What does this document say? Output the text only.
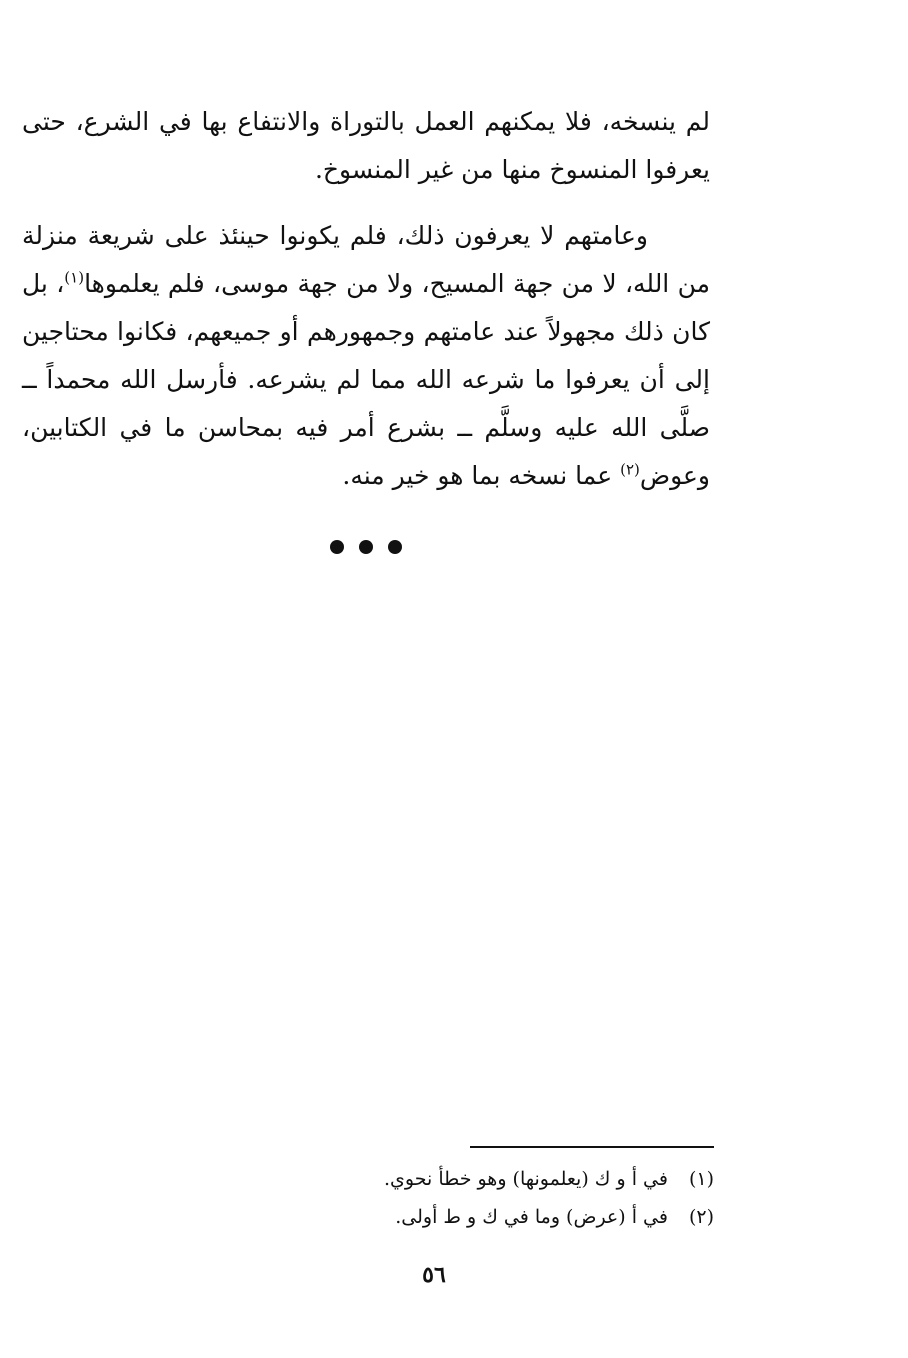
لم ينسخه، فلا يمكنهم العمل بالتوراة والانتفاع بها في الشرع، حتى يعرفوا المنسوخ منها من غير المنسوخ.

وعامتهم لا يعرفون ذلك، فلم يكونوا حينئذ على شريعة منزلة من الله، لا من جهة المسيح، ولا من جهة موسى، فلم يعلموها$^{(١)}$، بل كان ذلك مجهولاً عند عامتهم وجمهورهم أو جميعهم، فكانوا محتاجين إلى أن يعرفوا ما شرعه الله مما لم يشرعه. فأرسل الله محمداً ــ صلَّى الله عليه وسلَّم ــ بشرع أمر فيه بمحاسن ما في الكتابين، وعوض$^{(٢)}$ عما نسخه بما هو خير منه.

(١) في أ و ك (يعلمونها) وهو خطأ نحوي.
(٢) في أ (عرض) وما في ك و ط أولى.
٥٦
